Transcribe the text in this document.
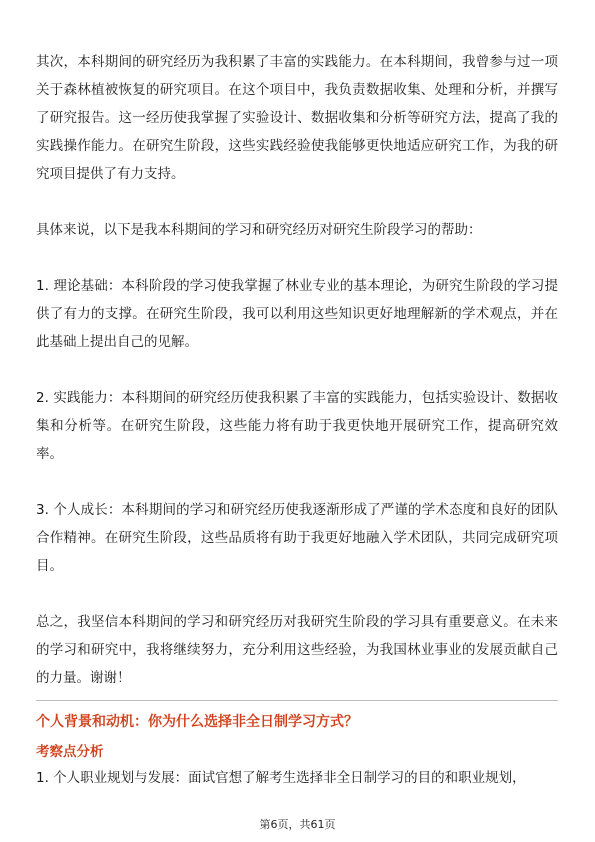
其次，本科期间的研究经历为我积累了丰富的实践能力。在本科期间，我曾参与过一项关于森林植被恢复的研究项目。在这个项目中，我负责数据收集、处理和分析，并撰写了研究报告。这一经历使我掌握了实验设计、数据收集和分析等研究方法，提高了我的实践操作能力。在研究生阶段，这些实践经验使我能够更快地适应研究工作，为我的研究项目提供了有力支持。

具体来说，以下是我本科期间的学习和研究经历对研究生阶段学习的帮助：

1. 理论基础：本科阶段的学习使我掌握了林业专业的基本理论，为研究生阶段的学习提供了有力的支撑。在研究生阶段，我可以利用这些知识更好地理解新的学术观点，并在此基础上提出自己的见解。

2. 实践能力：本科期间的研究经历使我积累了丰富的实践能力，包括实验设计、数据收集和分析等。在研究生阶段，这些能力将有助于我更快地开展研究工作，提高研究效率。

3. 个人成长：本科期间的学习和研究经历使我逐渐形成了严谨的学术态度和良好的团队合作精神。在研究生阶段，这些品质将有助于我更好地融入学术团队，共同完成研究项目。

总之，我坚信本科期间的学习和研究经历对我研究生阶段的学习具有重要意义。在未来的学习和研究中，我将继续努力，充分利用这些经验，为我国林业事业的发展贡献自己的力量。谢谢！

个人背景和动机：你为什么选择非全日制学习方式？

考察点分析

1. 个人职业规划与发展：面试官想了解考生选择非全日制学习的目的和职业规划，

第6页，共61页
